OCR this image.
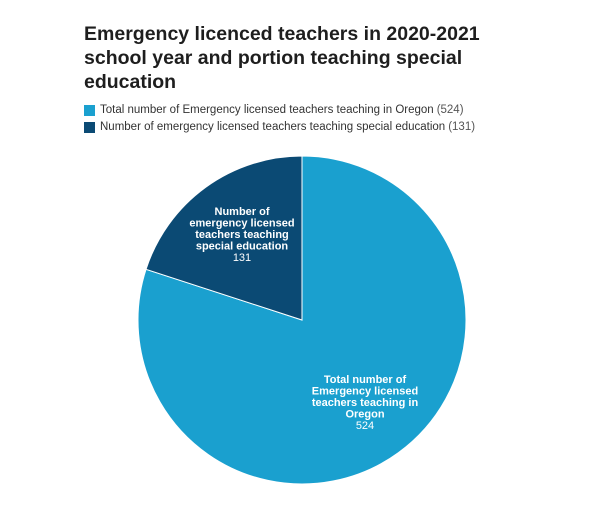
Emergency licenced teachers in 2020-2021 school year and portion teaching special education
Total number of Emergency licensed teachers teaching in Oregon (524)
Number of emergency licensed teachers teaching special education (131)
Total number of Emergency licensed teachers teaching in Oregon 524
Number of emergency licensed teachers teaching special education 131
